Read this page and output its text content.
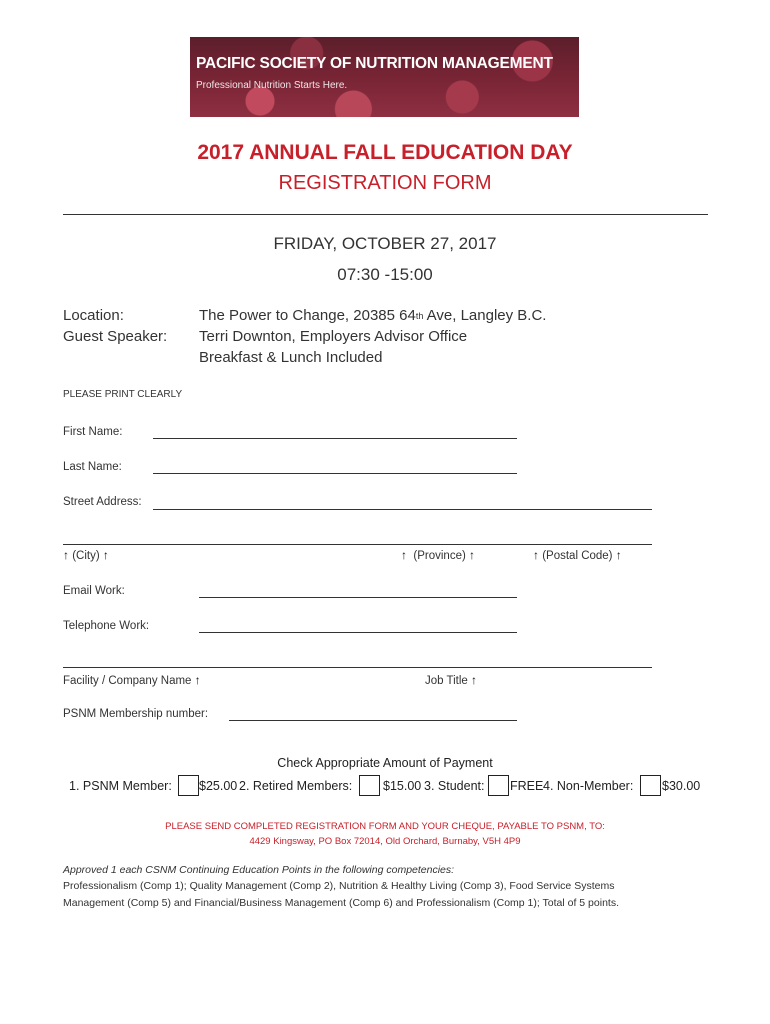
PACIFIC SOCIETY OF NUTRITION MANAGEMENT
Professional Nutrition Starts Here.
2017 ANNUAL FALL EDUCATION DAY
REGISTRATION FORM
FRIDAY, OCTOBER 27, 2017
07:30 -15:00
Location:	The Power to Change, 20385 64th Ave, Langley B.C.
Guest Speaker: Terri Downton, Employers Advisor Office
Breakfast & Lunch Included
PLEASE PRINT CLEARLY
First Name:
Last Name:
Street Address:
↑ (City) ↑	↑ (Province) ↑	↑ (Postal Code) ↑
Email Work:
Telephone Work:
Facility / Company Name ↑	Job Title ↑
PSNM Membership number:
Check Appropriate Amount of Payment
1. PSNM Member: $25.00 2. Retired Members: $15.00 3. Student: FREE 4. Non-Member: $30.00
PLEASE SEND COMPLETED REGISTRATION FORM AND YOUR CHEQUE, PAYABLE TO PSNM, TO:
4429 Kingsway, PO Box 72014, Old Orchard, Burnaby, V5H 4P9
Approved 1 each CSNM Continuing Education Points in the following competencies:
Professionalism (Comp 1); Quality Management (Comp 2), Nutrition & Healthy Living (Comp 3), Food Service Systems
Management (Comp 5) and Financial/Business Management (Comp 6) and Professionalism (Comp 1); Total of 5 points.
